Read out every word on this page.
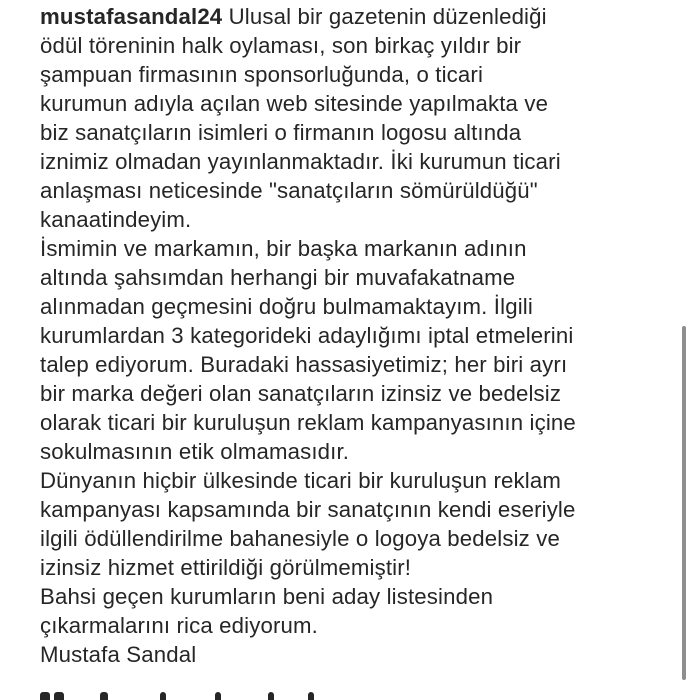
mustafasandal24 Ulusal bir gazetenin düzenlediği
ödül töreninin halk oylaması, son birkaç yıldır bir
şampuan firmasının sponsorluğunda, o ticari
kurumun adıyla açılan web sitesinde yapılmakta ve
biz sanatçıların isimleri o firmanın logosu altında
iznimiz olmadan yayınlanmaktadır. İki kurumun ticari
anlaşması neticesinde "sanatçıların sömürüldüğü"
kanaatindeyim.
İsmimin ve markamın, bir başka markanın adının
altında şahsımdan herhangi bir muvafakatname
alınmadan geçmesini doğru bulmamaktayım. İlgili
kurumlardan 3 kategorideki adaylığımı iptal etmelerini
talep ediyorum. Buradaki hassasiyetimiz; her biri ayrı
bir marka değeri olan sanatçıların izinsiz ve bedelsiz
olarak ticari bir kuruluşun reklam kampanyasının içine
sokulmasının etik olmamasıdır.
Dünyanın hiçbir ülkesinde ticari bir kuruluşun reklam
kampanyası kapsamında bir sanatçının kendi eseriyle
ilgili ödüllendirilme bahanesiyle o logoya bedelsiz ve
izinsiz hizmet ettirildiği görülmemiştir!
Bahsi geçen kurumların beni aday listesinden
çıkarmalarını rica ediyorum.
Mustafa Sandal
